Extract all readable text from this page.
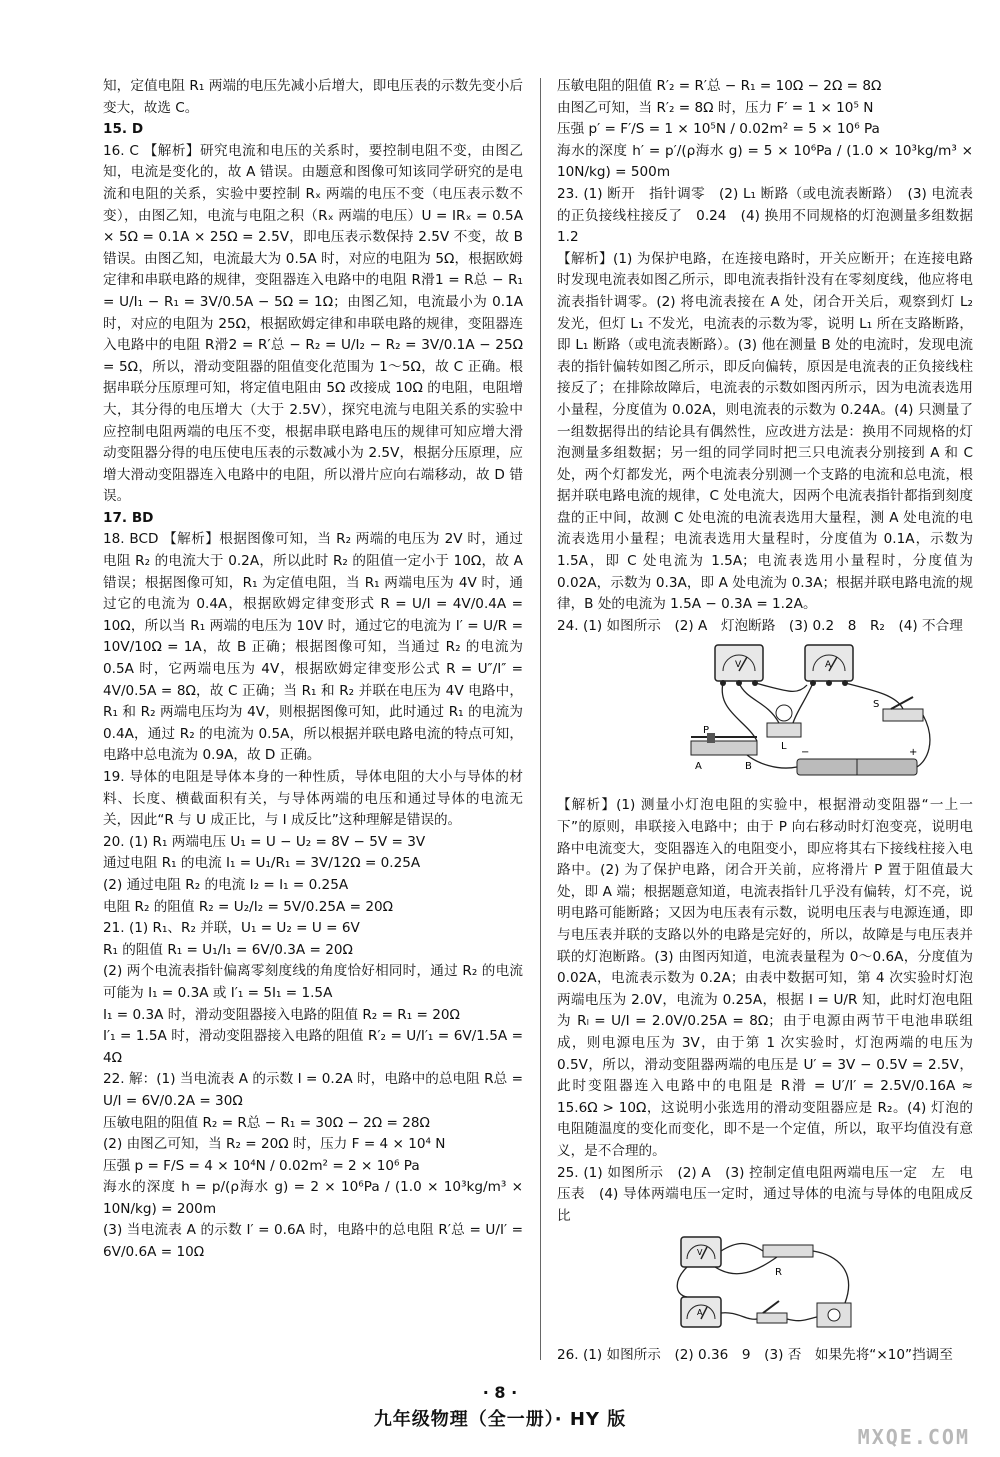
知，定值电阻 R₁ 两端的电压先减小后增大，即电压表的示数先变小后变大，故选 C。

15. D

16. C 【解析】研究电流和电压的关系时，要控制电阻不变，由图乙知，电流是变化的，故 A 错误。由题意和图像可知该同学研究的是电流和电阻的关系，实验中要控制 Rₓ 两端的电压不变（电压表示数不变），由图乙知，电流与电阻之积（Rₓ 两端的电压）U = IRₓ = 0.5A × 5Ω = 0.1A × 25Ω = 2.5V，即电压表示数保持 2.5V 不变，故 B 错误。由图乙知，电流最大为 0.5A 时，对应的电阻为 5Ω，根据欧姆定律和串联电路的规律，变阻器连入电路中的电阻 R滑1 = R总 − R₁ = U/I₁ − R₁ = 3V/0.5A − 5Ω = 1Ω；由图乙知，电流最小为 0.1A 时，对应的电阻为 25Ω，根据欧姆定律和串联电路的规律，变阻器连入电路中的电阻 R滑2 = R′总 − R₂ = U/I₂ − R₂ = 3V/0.1A − 25Ω = 5Ω，所以，滑动变阻器的阻值变化范围为 1～5Ω，故 C 正确。根据串联分压原理可知，将定值电阻由 5Ω 改接成 10Ω 的电阻，电阻增大，其分得的电压增大（大于 2.5V），探究电流与电阻关系的实验中应控制电阻两端的电压不变，根据串联电路电压的规律可知应增大滑动变阻器分得的电压使电压表的示数减小为 2.5V，根据分压原理，应增大滑动变阻器连入电路中的电阻，所以滑片应向右端移动，故 D 错误。

17. BD

18. BCD 【解析】根据图像可知，当 R₂ 两端的电压为 2V 时，通过电阻 R₂ 的电流大于 0.2A，所以此时 R₂ 的阻值一定小于 10Ω，故 A 错误；根据图像可知，R₁ 为定值电阻，当 R₁ 两端电压为 4V 时，通过它的电流为 0.4A，根据欧姆定律变形式 R = U/I = 4V/0.4A = 10Ω，所以当 R₁ 两端的电压为 10V 时，通过它的电流为 I′ = U/R = 10V/10Ω = 1A，故 B 正确；根据图像可知，当通过 R₂ 的电流为 0.5A 时，它两端电压为 4V，根据欧姆定律变形公式 R = U″/I″ = 4V/0.5A = 8Ω，故 C 正确；当 R₁ 和 R₂ 并联在电压为 4V 电路中，R₁ 和 R₂ 两端电压均为 4V，则根据图像可知，此时通过 R₁ 的电流为 0.4A，通过 R₂ 的电流为 0.5A，所以根据并联电路电流的特点可知，电路中总电流为 0.9A，故 D 正确。

19. 导体的电阻是导体本身的一种性质，导体电阻的大小与导体的材料、长度、横截面积有关，与导体两端的电压和通过导体的电流无关，因此“R 与 U 成正比，与 I 成反比”这种理解是错误的。

20. (1) R₁ 两端电压 U₁ = U − U₂ = 8V − 5V = 3V
通过电阻 R₁ 的电流 I₁ = U₁/R₁ = 3V/12Ω = 0.25A
(2) 通过电阻 R₂ 的电流 I₂ = I₁ = 0.25A
电阻 R₂ 的阻值 R₂ = U₂/I₂ = 5V/0.25A = 20Ω

21. (1) R₁、R₂ 并联，U₁ = U₂ = U = 6V
R₁ 的阻值 R₁ = U₁/I₁ = 6V/0.3A = 20Ω
(2) 两个电流表指针偏离零刻度线的角度恰好相同时，通过 R₂ 的电流可能为 I₁ = 0.3A 或 I′₁ = 5I₁ = 1.5A
I₁ = 0.3A 时，滑动变阻器接入电路的阻值 R₂ = R₁ = 20Ω
I′₁ = 1.5A 时，滑动变阻器接入电路的阻值 R′₂ = U/I′₁ = 6V/1.5A = 4Ω

22. 解：(1) 当电流表 A 的示数 I = 0.2A 时，电路中的总电阻 R总 = U/I = 6V/0.2A = 30Ω
压敏电阻的阻值 R₂ = R总 − R₁ = 30Ω − 2Ω = 28Ω
(2) 由图乙可知，当 R₂ = 20Ω 时，压力 F = 4 × 10⁴ N
压强 p = F/S = 4 × 10⁴N / 0.02m² = 2 × 10⁶ Pa
海水的深度 h = p/(ρ海水 g) = 2 × 10⁶Pa / (1.0 × 10³kg/m³ × 10N/kg) = 200m
(3) 当电流表 A 的示数 I′ = 0.6A 时，电路中的总电阻 R′总 = U/I′ = 6V/0.6A = 10Ω

压敏电阻的阻值 R′₂ = R′总 − R₁ = 10Ω − 2Ω = 8Ω
由图乙可知，当 R′₂ = 8Ω 时，压力 F′ = 1 × 10⁵ N
压强 p′ = F′/S = 1 × 10⁵N / 0.02m² = 5 × 10⁶ Pa
海水的深度 h′ = p′/(ρ海水 g) = 5 × 10⁶Pa / (1.0 × 10³kg/m³ × 10N/kg) = 500m

23. (1) 断开　指针调零　(2) L₁ 断路（或电流表断路）　(3) 电流表的正负接线柱接反了　0.24　(4) 换用不同规格的灯泡测量多组数据　1.2
【解析】(1) 为保护电路，在连接电路时，开关应断开；在连接电路时发现电流表如图乙所示，即电流表指针没有在零刻度线，他应将电流表指针调零。(2) 将电流表接在 A 处，闭合开关后，观察到灯 L₂ 发光，但灯 L₁ 不发光，电流表的示数为零，说明 L₁ 所在支路断路，即 L₁ 断路（或电流表断路）。(3) 他在测量 B 处的电流时，发现电流表的指针偏转如图乙所示，即反向偏转，原因是电流表的正负接线柱接反了；在排除故障后，电流表的示数如图丙所示，因为电流表选用小量程，分度值为 0.02A，则电流表的示数为 0.24A。(4) 只测量了一组数据得出的结论具有偶然性，应改进方法是：换用不同规格的灯泡测量多组数据；另一组的同学同时把三只电流表分别接到 A 和 C 处，两个灯都发光，两个电流表分别测一个支路的电流和总电流，根据并联电路电流的规律，C 处电流大，因两个电流表指针都指到刻度盘的正中间，故测 C 处电流的电流表选用大量程，测 A 处电流的电流表选用小量程；电流表选用大量程时，分度值为 0.1A，示数为 1.5A，即 C 处电流为 1.5A；电流表选用小量程时，分度值为 0.02A，示数为 0.3A，即 A 处电流为 0.3A；根据并联电路电流的规律，B 处的电流为 1.5A − 0.3A = 1.2A。

24. (1) 如图所示　(2) A　灯泡断路　(3) 0.2　8　R₂　(4) 不合理

V	A
L
S
P
A	B
−	+

【解析】(1) 测量小灯泡电阻的实验中，根据滑动变阻器“一上一下”的原则，串联接入电路中；由于 P 向右移动时灯泡变亮，说明电路中电流变大，变阻器连入的电阻变小，即应将其右下接线柱接入电路中。(2) 为了保护电路，闭合开关前，应将滑片 P 置于阻值最大处，即 A 端；根据题意知道，电流表指针几乎没有偏转，灯不亮，说明电路可能断路；又因为电压表有示数，说明电压表与电源连通，即与电压表并联的支路以外的电路是完好的，所以，故障是与电压表并联的灯泡断路。(3) 由图丙知道，电流表量程为 0～0.6A，分度值为 0.02A，电流表示数为 0.2A；由表中数据可知，第 4 次实验时灯泡两端电压为 2.0V，电流为 0.25A，根据 I = U/R 知，此时灯泡电阻为 Rₗ = U/I = 2.0V/0.25A = 8Ω；由于电源由两节干电池串联组成，则电源电压为 3V，由于第 1 次实验时，灯泡两端的电压为 0.5V，所以，滑动变阻器两端的电压是 U′ = 3V − 0.5V = 2.5V，此时变阻器连入电路中的电阻是 R滑 = U′/I′ = 2.5V/0.16A ≈ 15.6Ω > 10Ω，这说明小张选用的滑动变阻器应是 R₂。(4) 灯泡的电阻随温度的变化而变化，即不是一个定值，所以，取平均值没有意义，是不合理的。

25. (1) 如图所示　(2) A　(3) 控制定值电阻两端电压一定　左　电压表　(4) 导体两端电压一定时，通过导体的电流与导体的电阻成反比

V
R
A

26. (1) 如图所示　(2) 0.36　9　(3) 否　如果先将“×10”挡调至

· 8 ·
九年级物理（全一册）· HY 版
MXQE.COM
